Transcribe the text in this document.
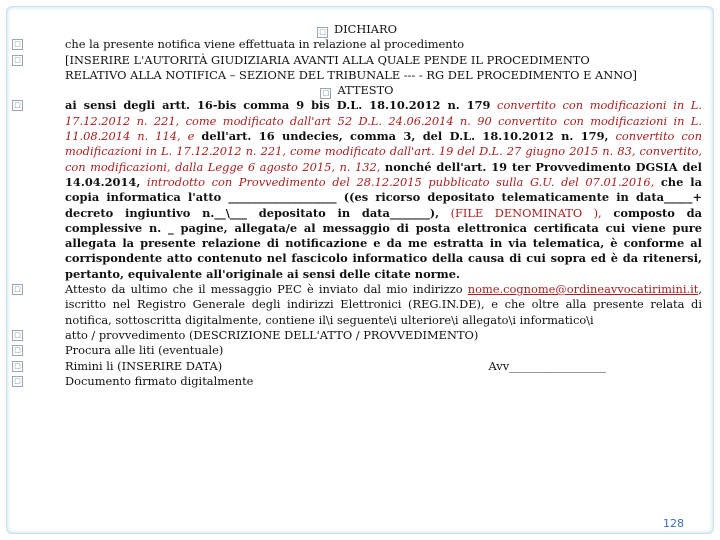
□ DICHIARO
□	che la presente notifica viene effettuata in relazione al procedimento
□	[INSERIRE L'AUTORITÀ GIUDIZIARIA AVANTI ALLA QUALE PENDE IL PROCEDIMENTO
RELATIVO ALLA NOTIFICA – SEZIONE DEL TRIBUNALE --- - RG DEL PROCEDIMENTO E ANNO]
□ ATTESTO
□	ai sensi degli artt. 16-bis comma 9 bis D.L. 18.10.2012 n. 179 convertito con modificazioni in L. 17.12.2012 n. 221, come modificato dall'art 52 D.L. 24.06.2014 n. 90 convertito con modificazioni in L. 11.08.2014 n. 114, e dell'art. 16 undecies, comma 3, del D.L. 18.10.2012 n. 179, convertito con modificazioni in L. 17.12.2012 n. 221, come modificato dall'art. 19 del D.L. 27 giugno 2015 n. 83, convertito, con modificazioni, dalla Legge 6 agosto 2015, n. 132, nonché dell'art. 19 ter Provvedimento DGSIA del 14.04.2014, introdotto con Provvedimento del 28.12.2015 pubblicato sulla G.U. del 07.01.2016, che la copia informatica l'atto ___________________ ((es ricorso depositato telematicamente in data_____+ decreto ingiuntivo n.__\___ depositato in data_______), (FILE DENOMINATO ), composto da complessive n. _ pagine, allegata/e al messaggio di posta elettronica certificata cui viene pure allegata la presente relazione di notificazione e da me estratta in via telematica, è conforme al corrispondente atto contenuto nel fascicolo informatico della causa di cui sopra ed è da ritenersi, pertanto, equivalente all'originale ai sensi delle citate norme.
□	Attesto da ultimo che il messaggio PEC è inviato dal mio indirizzo nome.cognome@ordineavvocatirimini.it, iscritto nel Registro Generale degli indirizzi Elettronici (REG.IN.DE), e che oltre alla presente relata di notifica, sottoscritta digitalmente, contiene il\i seguente\i ulteriore\i allegato\i informatico\i
□	atto / provvedimento (DESCRIZIONE DELL'ATTO / PROVVEDIMENTO)
□	Procura alle liti (eventuale)
□	Rimini li (INSERIRE DATA)	Avv_________________
□	Documento firmato digitalmente
128
